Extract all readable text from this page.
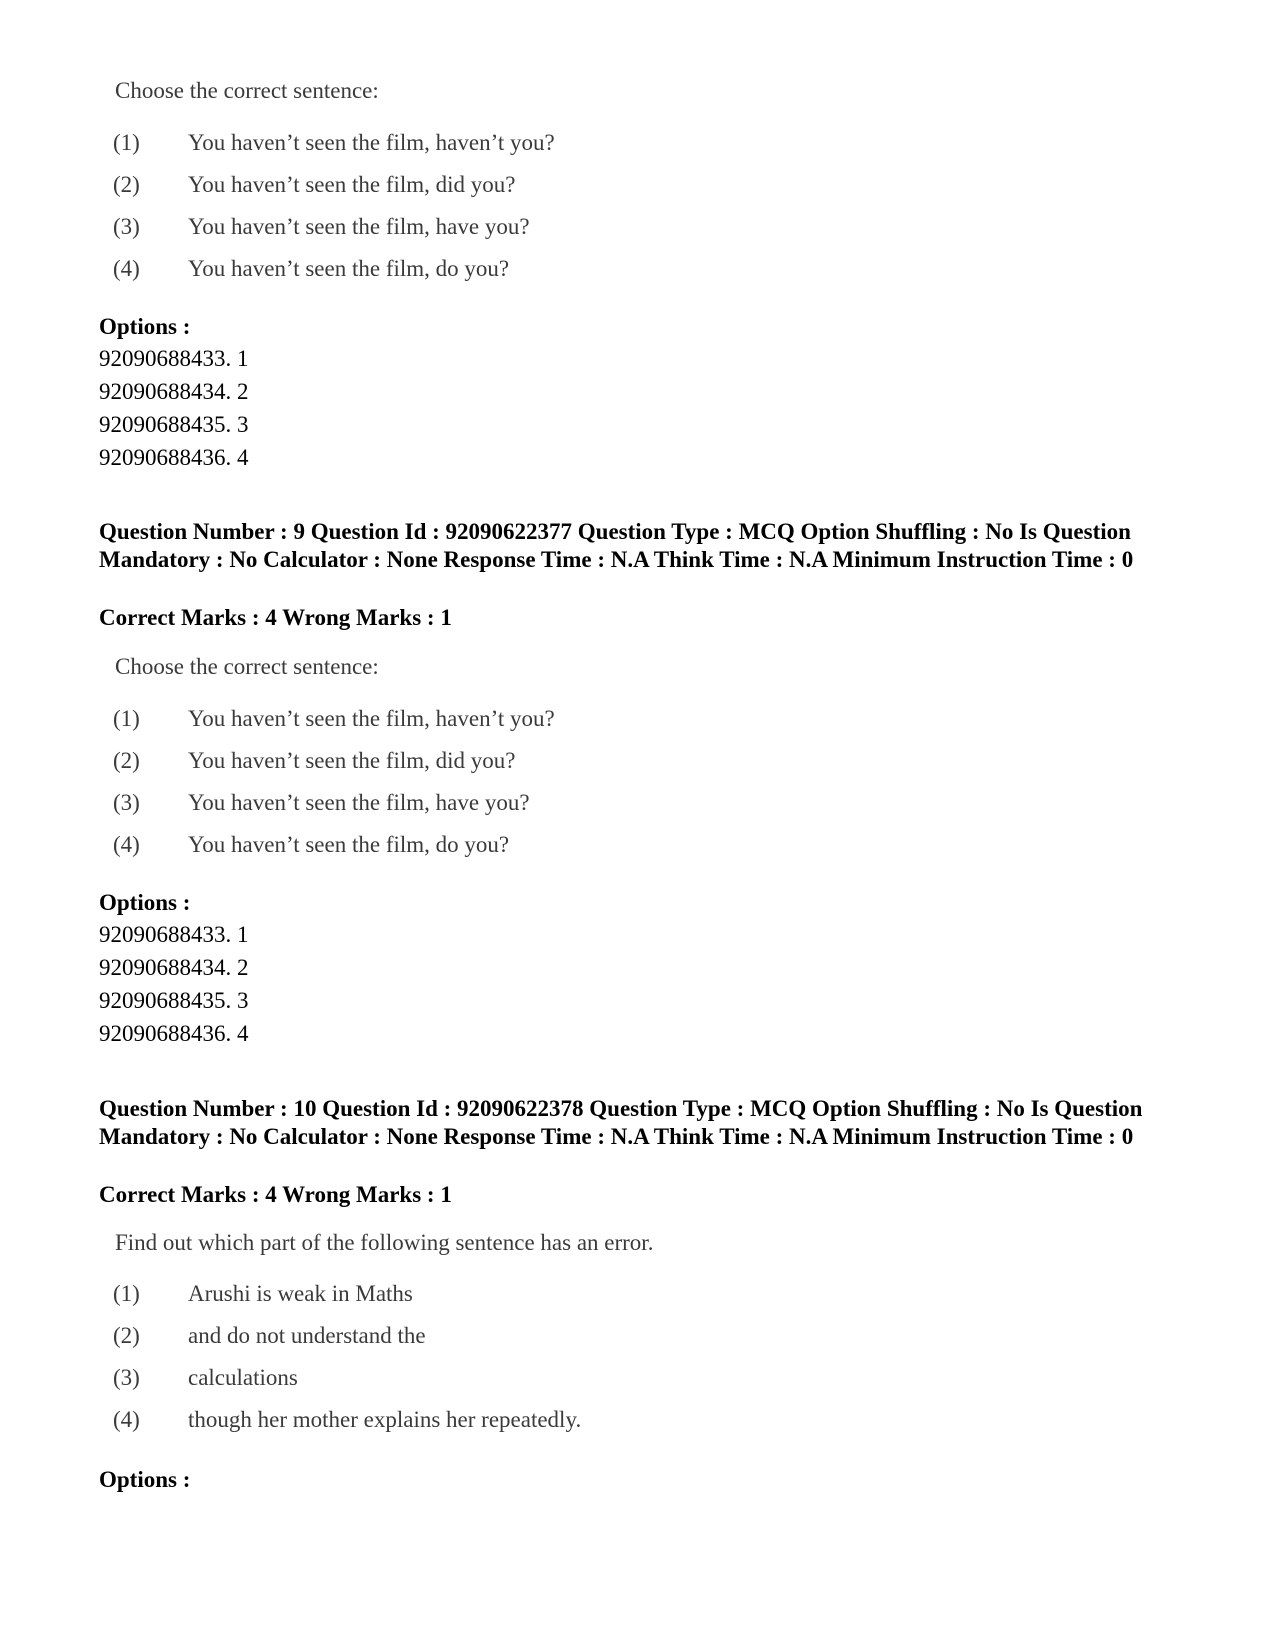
Choose the correct sentence:
(1) You haven’t seen the film, haven’t you?
(2) You haven’t seen the film, did you?
(3) You haven’t seen the film, have you?
(4) You haven’t seen the film, do you?
Options :
92090688433. 1
92090688434. 2
92090688435. 3
92090688436. 4
Question Number : 9 Question Id : 92090622377 Question Type : MCQ Option Shuffling : No Is Question Mandatory : No Calculator : None Response Time : N.A Think Time : N.A Minimum Instruction Time : 0
Correct Marks : 4 Wrong Marks : 1
Choose the correct sentence:
(1) You haven’t seen the film, haven’t you?
(2) You haven’t seen the film, did you?
(3) You haven’t seen the film, have you?
(4) You haven’t seen the film, do you?
Options :
92090688433. 1
92090688434. 2
92090688435. 3
92090688436. 4
Question Number : 10 Question Id : 92090622378 Question Type : MCQ Option Shuffling : No Is Question Mandatory : No Calculator : None Response Time : N.A Think Time : N.A Minimum Instruction Time : 0
Correct Marks : 4 Wrong Marks : 1
Find out which part of the following sentence has an error.
(1) Arushi is weak in Maths
(2) and do not understand the
(3) calculations
(4) though her mother explains her repeatedly.
Options :
